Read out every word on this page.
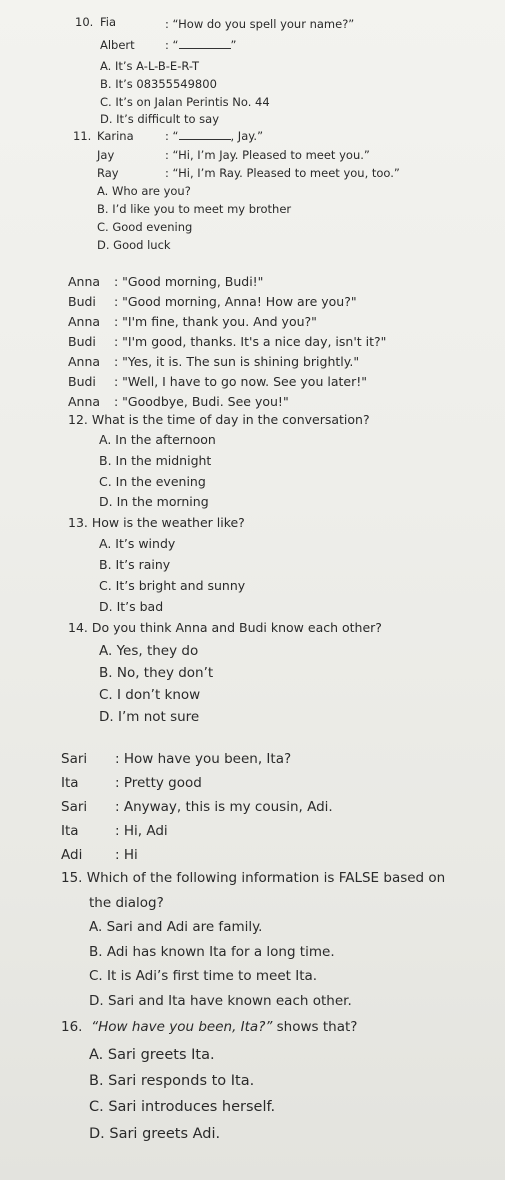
10. Fia	: “How do you spell your name?”
Albert	: “	”
A. It’s A-L-B-E-R-T
B. It’s 08355549800
C. It’s on Jalan Perintis No. 44
D. It’s difficult to say
11. Karina	: “	, Jay.”
Jay	: “Hi, I’m Jay. Pleased to meet you.”
Ray	: “Hi, I’m Ray. Pleased to meet you, too.”
A. Who are you?
B. I’d like you to meet my brother
C. Good evening
D. Good luck
Anna : "Good morning, Budi!"
Budi : "Good morning, Anna! How are you?"
Anna : "I'm fine, thank you. And you?"
Budi : "I'm good, thanks. It's a nice day, isn't it?"
Anna : "Yes, it is. The sun is shining brightly."
Budi : "Well, I have to go now. See you later!"
Anna : "Goodbye, Budi. See you!"
12. What is the time of day in the conversation?
A. In the afternoon
B. In the midnight
C. In the evening
D. In the morning
13. How is the weather like?
A. It’s windy
B. It’s rainy
C. It’s bright and sunny
D. It’s bad
14. Do you think Anna and Budi know each other?
A. Yes, they do
B. No, they don’t
C. I don’t know
D. I’m not sure
Sari : How have you been, Ita?
Ita	: Pretty good
Sari : Anyway, this is my cousin, Adi.
Ita	: Hi, Adi
Adi : Hi
15. Which of the following information is FALSE based on
the dialog?
A. Sari and Adi are family.
B. Adi has known Ita for a long time.
C. It is Adi’s first time to meet Ita.
D. Sari and Ita have known each other.
16. “How have you been, Ita?” shows that?
A. Sari greets Ita.
B. Sari responds to Ita.
C. Sari introduces herself.
D. Sari greets Adi.
